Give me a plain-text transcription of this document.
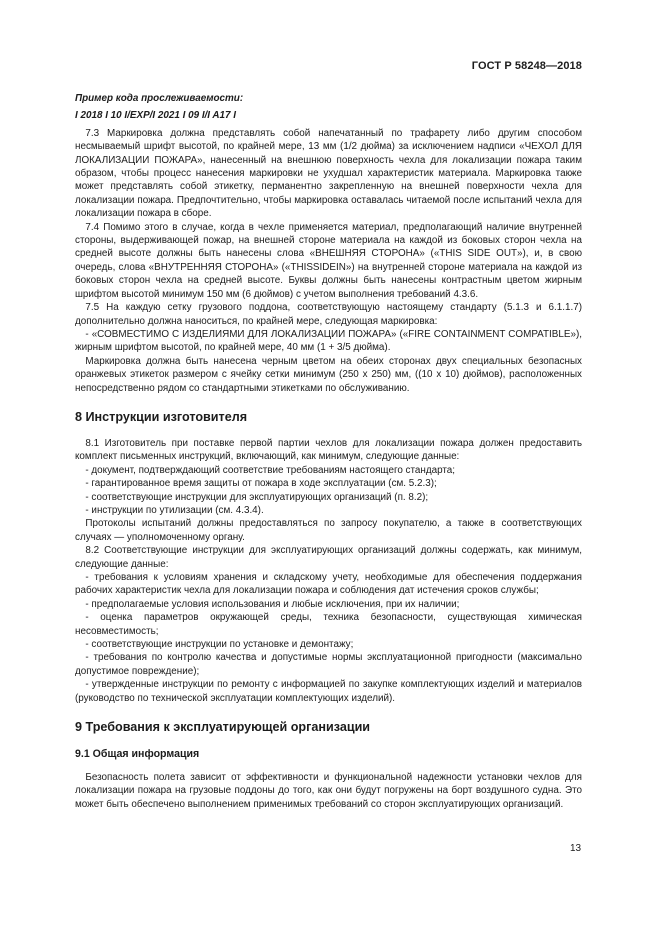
ГОСТ Р 58248—2018

Пример кода прослеживаемости:

I 2018 I 10 I/EXP/I 2021 I 09 I/I A17 I

7.3 Маркировка должна представлять собой напечатанный по трафарету либо другим способом несмываемый шрифт высотой, по крайней мере, 13 мм (1/2 дюйма) за исключением надписи «ЧЕХОЛ ДЛЯ ЛОКАЛИЗАЦИИ ПОЖАРА», нанесенный на внешнюю поверхность чехла для локализации пожара таким образом, чтобы процесс нанесения маркировки не ухудшал характеристик материала. Маркировка также может представлять собой этикетку, перманентно закрепленную на внешней поверхности чехла для локализации пожара. Предпочтительно, чтобы маркировка оставалась читаемой после испытаний чехла для локализации пожара в сборе.

7.4 Помимо этого в случае, когда в чехле применяется материал, предполагающий наличие внутренней стороны, выдерживающей пожар, на внешней стороне материала на каждой из боковых сторон чехла на средней высоте должны быть нанесены слова «ВНЕШНЯЯ СТОРОНА» («THIS SIDE OUT»), и, в свою очередь, слова «ВНУТРЕННЯЯ СТОРОНА» («THISSIDEIN») на внутренней стороне материала на каждой из боковых сторон чехла на средней высоте. Буквы должны быть нанесены контрастным цветом жирным шрифтом высотой минимум 150 мм (6 дюймов) с учетом выполнения требований 4.3.6.

7.5 На каждую сетку грузового поддона, соответствующую настоящему стандарту (5.1.3 и 6.1.1.7) дополнительно должна наноситься, по крайней мере, следующая маркировка:

- «СОВМЕСТИМО С ИЗДЕЛИЯМИ ДЛЯ ЛОКАЛИЗАЦИИ ПОЖАРА» («FIRE CONTAINMENT COMPATIBLE»), жирным шрифтом высотой, по крайней мере, 40 мм (1 + 3/5 дюйма).

Маркировка должна быть нанесена черным цветом на обеих сторонах двух специальных безопасных оранжевых этикеток размером с ячейку сетки минимум (250 х 250) мм, ((10 х 10) дюймов), расположенных непосредственно рядом со стандартными этикетками по обслуживанию.

8 Инструкции изготовителя

8.1 Изготовитель при поставке первой партии чехлов для локализации пожара должен предоставить комплект письменных инструкций, включающий, как минимум, следующие данные:

- документ, подтверждающий соответствие требованиям настоящего стандарта;

- гарантированное время защиты от пожара в ходе эксплуатации (см. 5.2.3);

- соответствующие инструкции для эксплуатирующих организаций (п. 8.2);

- инструкции по утилизации (см. 4.3.4).

Протоколы испытаний должны предоставляться по запросу покупателю, а также в соответствующих случаях — уполномоченному органу.

8.2 Соответствующие инструкции для эксплуатирующих организаций должны содержать, как минимум, следующие данные:

- требования к условиям хранения и складскому учету, необходимые для обеспечения поддержания рабочих характеристик чехла для локализации пожара и соблюдения дат истечения сроков службы;

- предполагаемые условия использования и любые исключения, при их наличии;

- оценка параметров окружающей среды, техника безопасности, существующая химическая несовместимость;

- соответствующие инструкции по установке и демонтажу;

- требования по контролю качества и допустимые нормы эксплуатационной пригодности (максимально допустимое повреждение);

- утвержденные инструкции по ремонту с информацией по закупке комплектующих изделий и материалов (руководство по технической эксплуатации комплектующих изделий).

9 Требования к эксплуатирующей организации
9.1 Общая информация

Безопасность полета зависит от эффективности и функциональной надежности установки чехлов для локализации пожара на грузовые поддоны до того, как они будут погружены на борт воздушного судна. Это может быть обеспечено выполнением применимых требований со сторон эксплуатирующих организаций.

13
